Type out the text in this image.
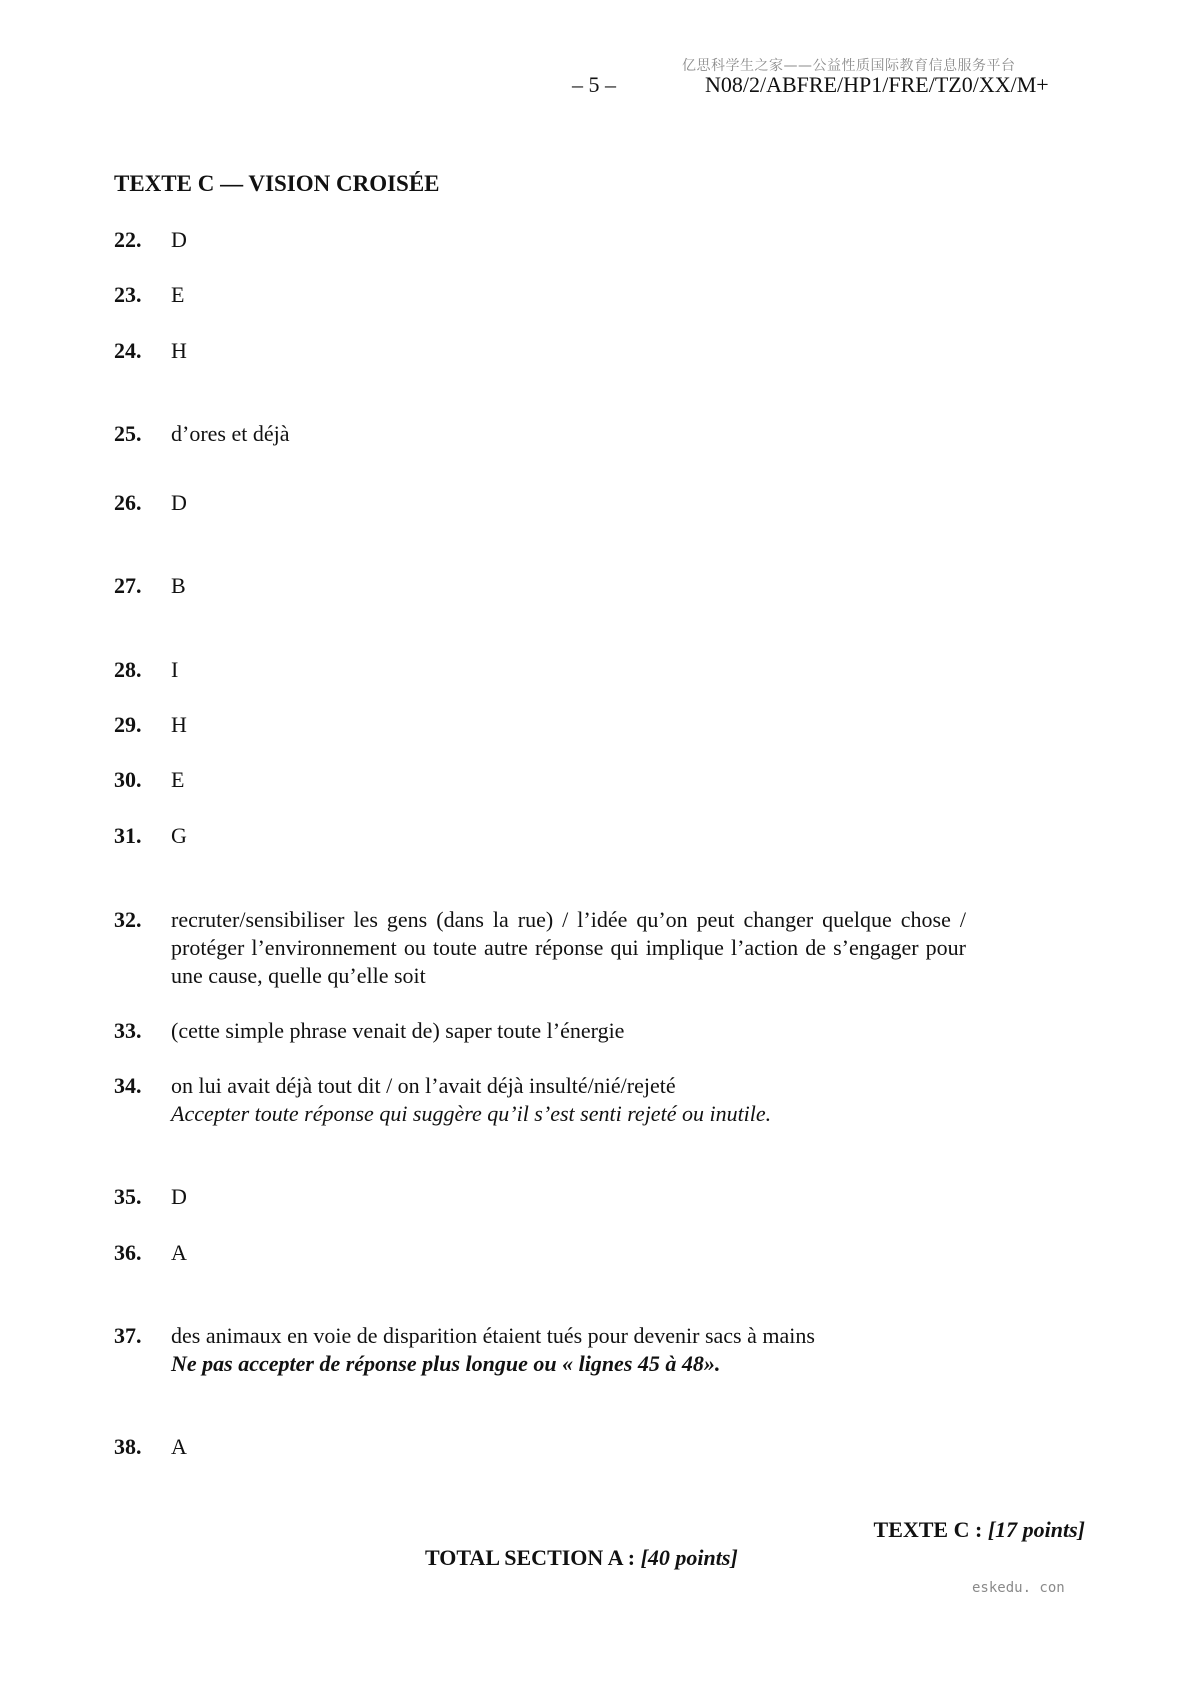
亿思科学生之家——公益性质国际教育信息服务平台
– 5 –	N08/2/ABFRE/HP1/FRE/TZ0/XX/M+
TEXTE C — VISION CROISÉE
22. D
23. E
24. H
25. d’ores et déjà
26. D
27. B
28. I
29. H
30. E
31. G
32. recruter/sensibiliser les gens (dans la rue) / l’idée qu’on peut changer quelque chose / protéger l’environnement ou toute autre réponse qui implique l’action de s’engager pour une cause, quelle qu’elle soit
33. (cette simple phrase venait de) saper toute l’énergie
34. on lui avait déjà tout dit / on l’avait déjà insulté/nié/rejeté
Accepter toute réponse qui suggère qu’il s’est senti rejeté ou inutile.
35. D
36. A
37. des animaux en voie de disparition étaient tués pour devenir sacs à mains
Ne pas accepter de réponse plus longue ou « lignes 45 à 48».
38. A
TEXTE C : [17 points]
TOTAL SECTION A : [40 points]
eskedu. con
